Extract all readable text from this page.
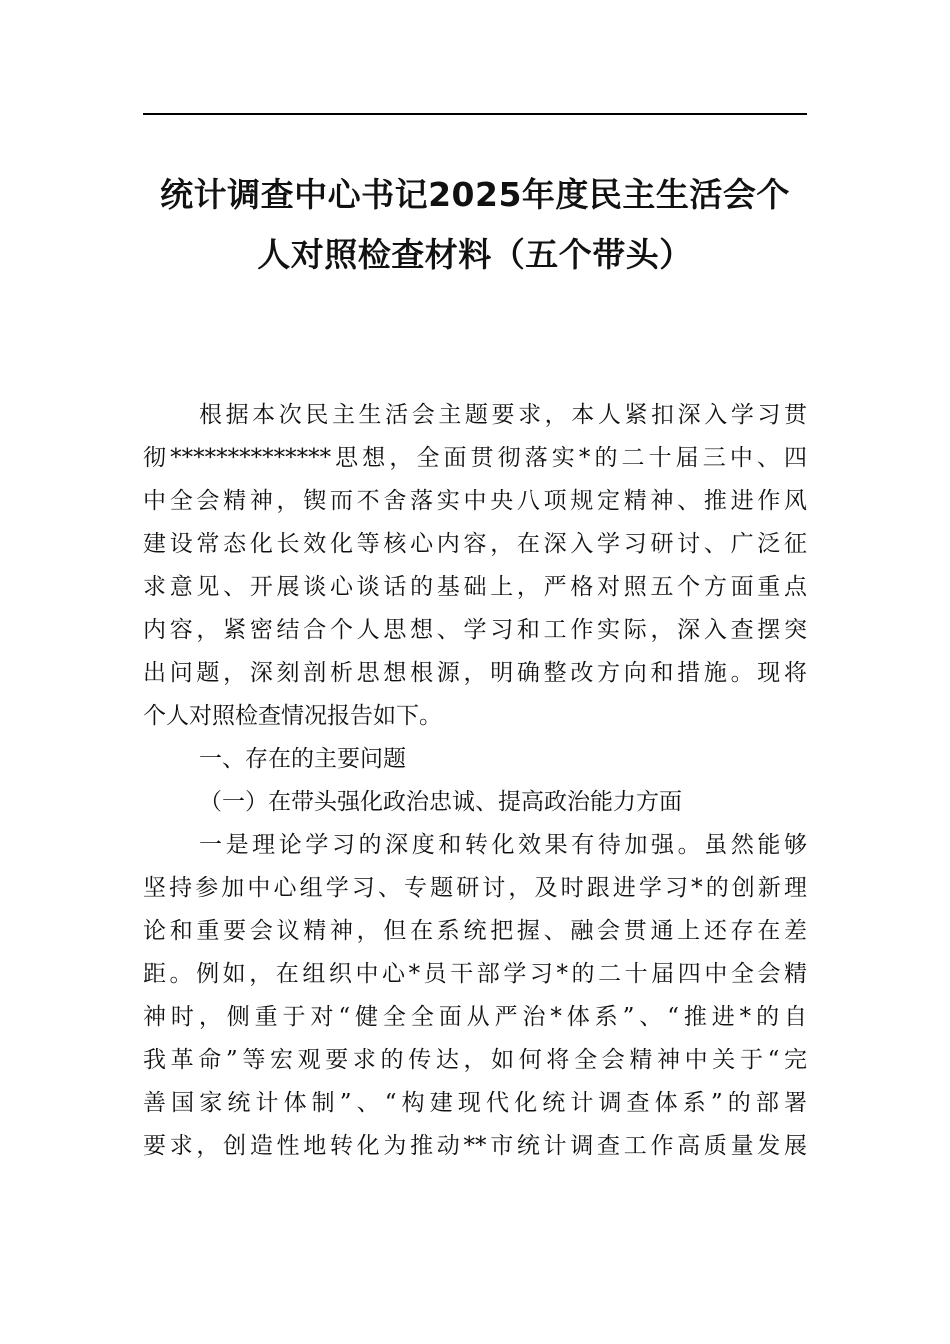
统计调查中心书记2025年度民主生活会个
人对照检查材料（五个带头）
根据本次民主生活会主题要求，本人紧扣深入学习贯
彻**************思想，全面贯彻落实*的二十届三中、四
中全会精神，锲而不舍落实中央八项规定精神、推进作风
建设常态化长效化等核心内容，在深入学习研讨、广泛征
求意见、开展谈心谈话的基础上，严格对照五个方面重点
内容，紧密结合个人思想、学习和工作实际，深入查摆突
出问题，深刻剖析思想根源，明确整改方向和措施。现将
个人对照检查情况报告如下。
一、存在的主要问题
（一）在带头强化政治忠诚、提高政治能力方面
一是理论学习的深度和转化效果有待加强。虽然能够
坚持参加中心组学习、专题研讨，及时跟进学习*的创新理
论和重要会议精神，但在系统把握、融会贯通上还存在差
距。例如，在组织中心*员干部学习*的二十届四中全会精
神时，侧重于对“健全全面从严治*体系”、“推进*的自
我革命”等宏观要求的传达，如何将全会精神中关于“完
善国家统计体制”、“构建现代化统计调查体系”的部署
要求，创造性地转化为推动**市统计调查工作高质量发展
